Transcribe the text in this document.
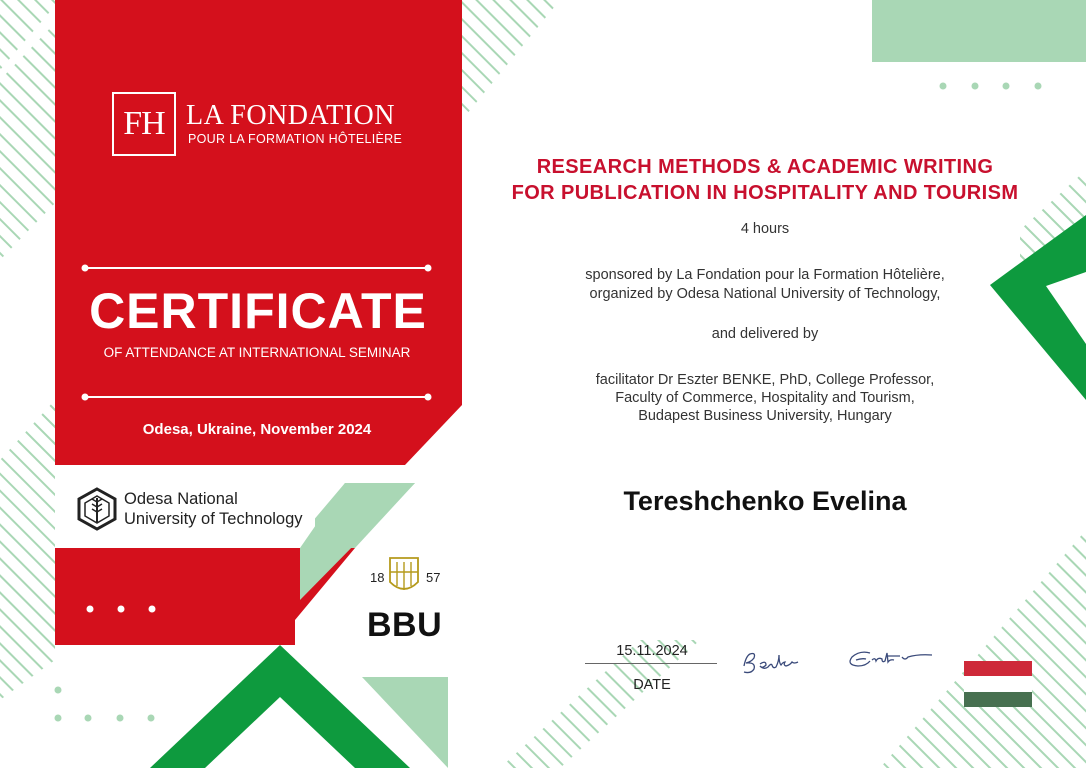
FH LA FONDATION
POUR LA FORMATION HÔTELIÈRE
CERTIFICATE
OF ATTENDANCE AT INTERNATIONAL SEMINAR
Odesa, Ukraine, November 2024
Odesa National
University of Technology
18	57
BBU
RESEARCH METHODS & ACADEMIC WRITING
FOR PUBLICATION IN HOSPITALITY AND TOURISM
4 hours
sponsored by La Fondation pour la Formation Hôtelière,
organized by Odesa National University of Technology,
and delivered by
facilitator Dr Eszter BENKE, PhD, College Professor,
Faculty of Commerce, Hospitality and Tourism,
Budapest Business University, Hungary
Tereshchenko Evelina
15.11.2024
DATE
